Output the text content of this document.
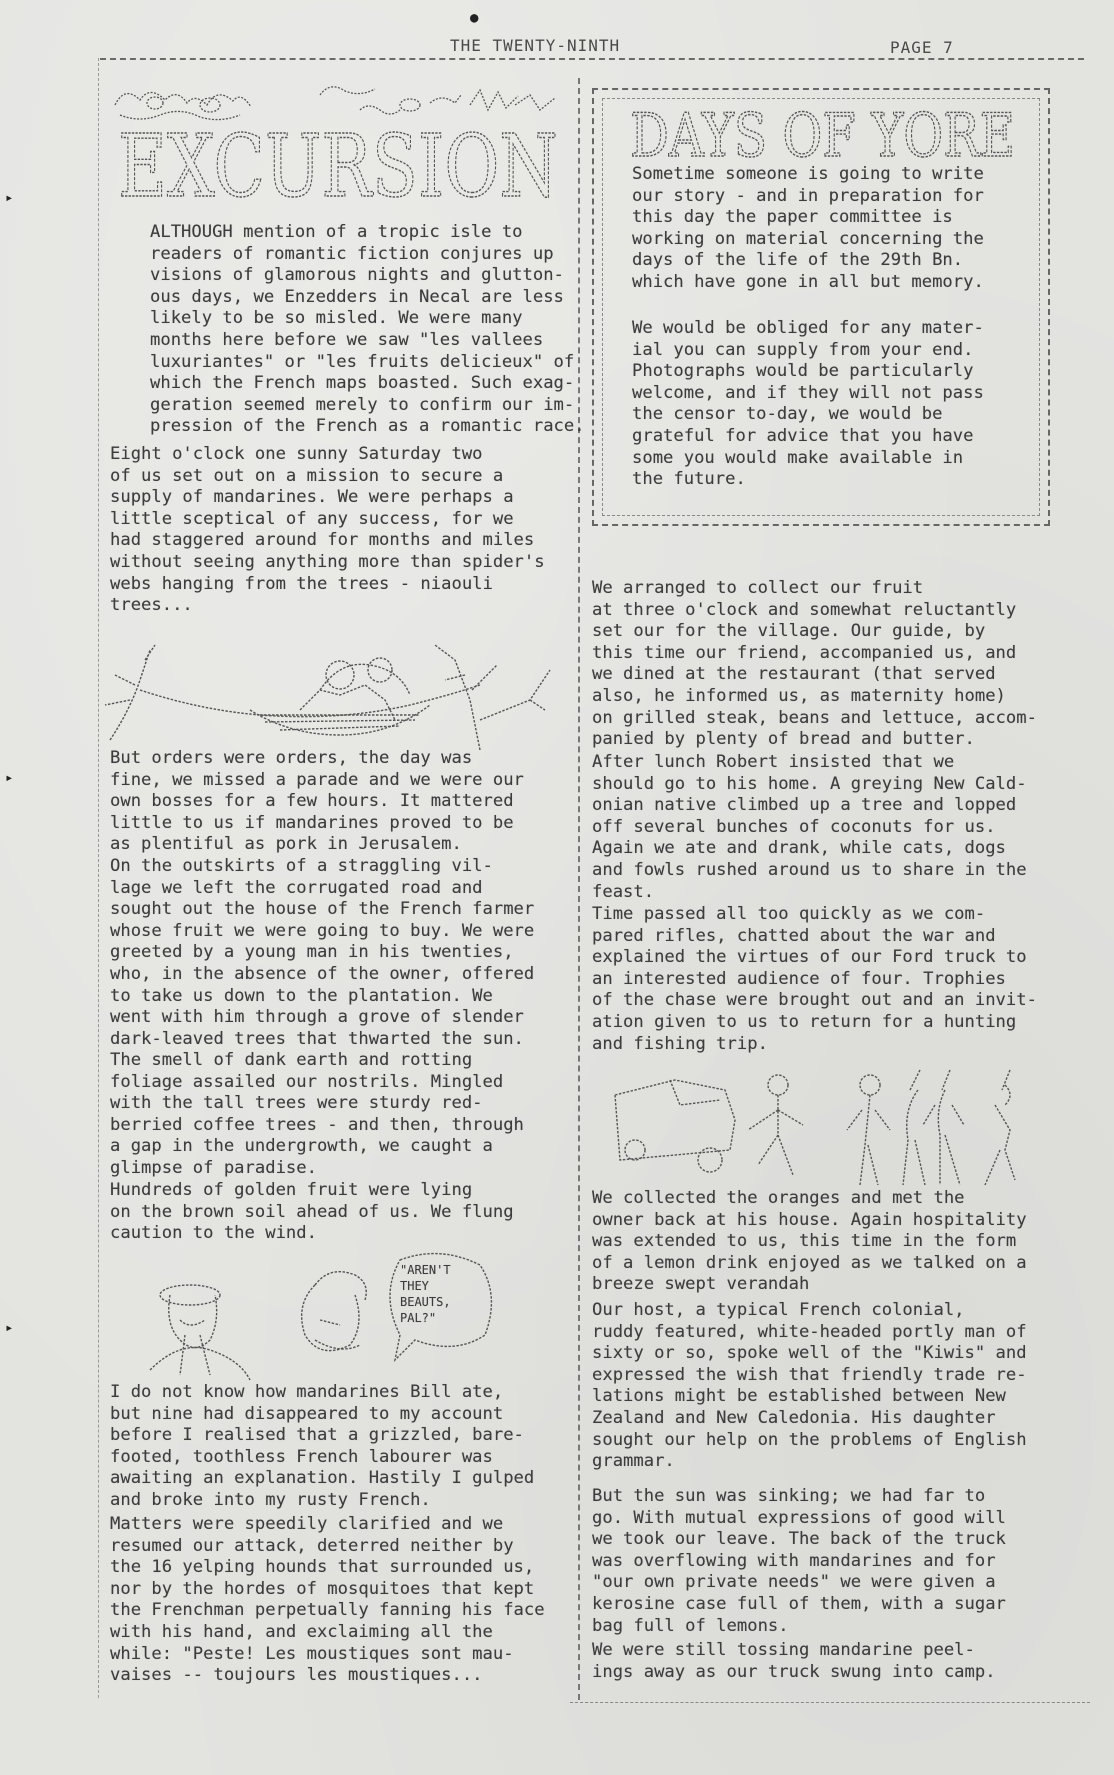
●
▸
▸
▸
THE TWENTY-NINTH	PAGE 7
EXCURSION
ALTHOUGH mention of a tropic isle to
readers of romantic fiction conjures up
visions of glamorous nights and glutton-
ous days, we Enzedders in Necal are less
likely to be so misled. We were many
months here before we saw "les vallees
luxuriantes" or "les fruits delicieux" of
which the French maps boasted. Such exag-
geration seemed merely to confirm our im-
pression of the French as a romantic race.
Eight o'clock one sunny Saturday two
of us set out on a mission to secure a
supply of mandarines. We were perhaps a
little sceptical of any success, for we
had staggered around for months and miles
without seeing anything more than spider's
webs hanging from the trees - niaouli
trees...
But orders were orders, the day was
fine, we missed a parade and we were our
own bosses for a few hours. It mattered
little to us if mandarines proved to be
as plentiful as pork in Jerusalem.
On the outskirts of a straggling vil-
lage we left the corrugated road and
sought out the house of the French farmer
whose fruit we were going to buy. We were
greeted by a young man in his twenties,
who, in the absence of the owner, offered
to take us down to the plantation. We
went with him through a grove of slender
dark-leaved trees that thwarted the sun.
The smell of dank earth and rotting
foliage assailed our nostrils. Mingled
with the tall trees were sturdy red-
berried coffee trees - and then, through
a gap in the undergrowth, we caught a
glimpse of paradise.
Hundreds of golden fruit were lying
on the brown soil ahead of us. We flung
caution to the wind.
"AREN'T
THEY
BEAUTS,
PAL?"
I do not know how mandarines Bill ate,
but nine had disappeared to my account
before I realised that a grizzled, bare-
footed, toothless French labourer was
awaiting an explanation. Hastily I gulped
and broke into my rusty French.
Matters were speedily clarified and we
resumed our attack, deterred neither by
the 16 yelping hounds that surrounded us,
nor by the hordes of mosquitoes that kept
the Frenchman perpetually fanning his face
with his hand, and exclaiming all the
while: "Peste! Les moustiques sont mau-
vaises -- toujours les moustiques...
DAYS OF YORE
Sometime someone is going to write
our story - and in preparation for
this day the paper committee is
working on material concerning the
days of the life of the 29th Bn.
which have gone in all but memory.
We would be obliged for any mater-
ial you can supply from your end.
Photographs would be particularly
welcome, and if they will not pass
the censor to-day, we would be
grateful for advice that you have
some you would make available in
the future.
We arranged to collect our fruit
at three o'clock and somewhat reluctantly
set our for the village. Our guide, by
this time our friend, accompanied us, and
we dined at the restaurant (that served
also, he informed us, as maternity home)
on grilled steak, beans and lettuce, accom-
panied by plenty of bread and butter.
After lunch Robert insisted that we
should go to his home. A greying New Cald-
onian native climbed up a tree and lopped
off several bunches of coconuts for us.
Again we ate and drank, while cats, dogs
and fowls rushed around us to share in the
feast.
Time passed all too quickly as we com-
pared rifles, chatted about the war and
explained the virtues of our Ford truck to
an interested audience of four. Trophies
of the chase were brought out and an invit-
ation given to us to return for a hunting
and fishing trip.
We collected the oranges and met the
owner back at his house. Again hospitality
was extended to us, this time in the form
of a lemon drink enjoyed as we talked on a
breeze swept verandah
Our host, a typical French colonial,
ruddy featured, white-headed portly man of
sixty or so, spoke well of the "Kiwis" and
expressed the wish that friendly trade re-
lations might be established between New
Zealand and New Caledonia. His daughter
sought our help on the problems of English
grammar.
But the sun was sinking; we had far to
go. With mutual expressions of good will
we took our leave. The back of the truck
was overflowing with mandarines and for
"our own private needs" we were given a
kerosine case full of them, with a sugar
bag full of lemons.
We were still tossing mandarine peel-
ings away as our truck swung into camp.
